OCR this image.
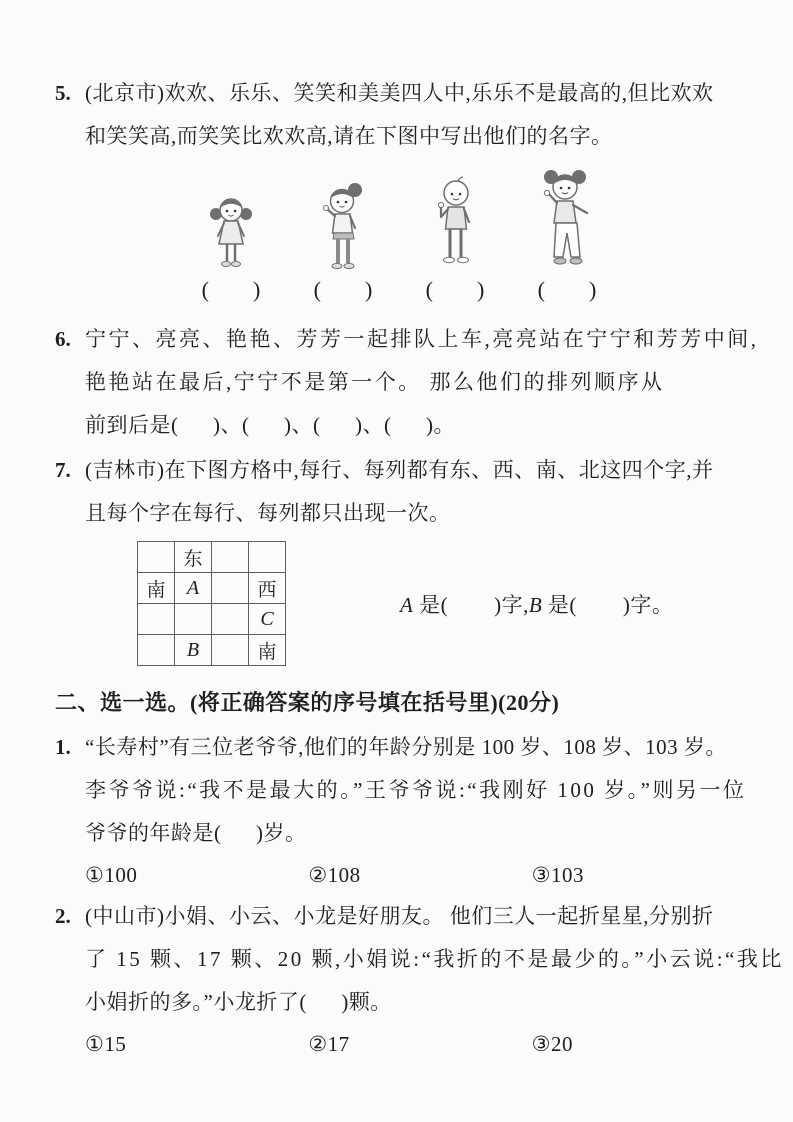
5. (北京市)欢欢、乐乐、笑笑和美美四人中,乐乐不是最高的,但比欢欢
和笑笑高,而笑笑比欢欢高,请在下图中写出他们的名字。
(        )	(        )	(        )	(        )
6. 宁宁、亮亮、艳艳、芳芳一起排队上车,亮亮站在宁宁和芳芳中间,
艳艳站在最后,宁宁不是第一个。 那么他们的排列顺序从
前到后是(      )、(      )、(      )、(      )。
7. (吉林市)在下图方格中,每行、每列都有东、西、南、北这四个字,并
且每个字在每行、每列都只出现一次。
	东		
南	A		西
			C
	B		南

A 是(        )字,B 是(        )字。

二、选一选。(将正确答案的序号填在括号里)(20分)
1. “长寿村”有三位老爷爷,他们的年龄分别是 100 岁、108 岁、103 岁。
李爷爷说:“我不是最大的。”王爷爷说:“我刚好 100 岁。”则另一位
爷爷的年龄是(      )岁。
①100	②108	③103
2. (中山市)小娟、小云、小龙是好朋友。 他们三人一起折星星,分别折
了 15 颗、17 颗、20 颗,小娟说:“我折的不是最少的。”小云说:“我比
小娟折的多。”小龙折了(      )颗。
①15	②17	③20
